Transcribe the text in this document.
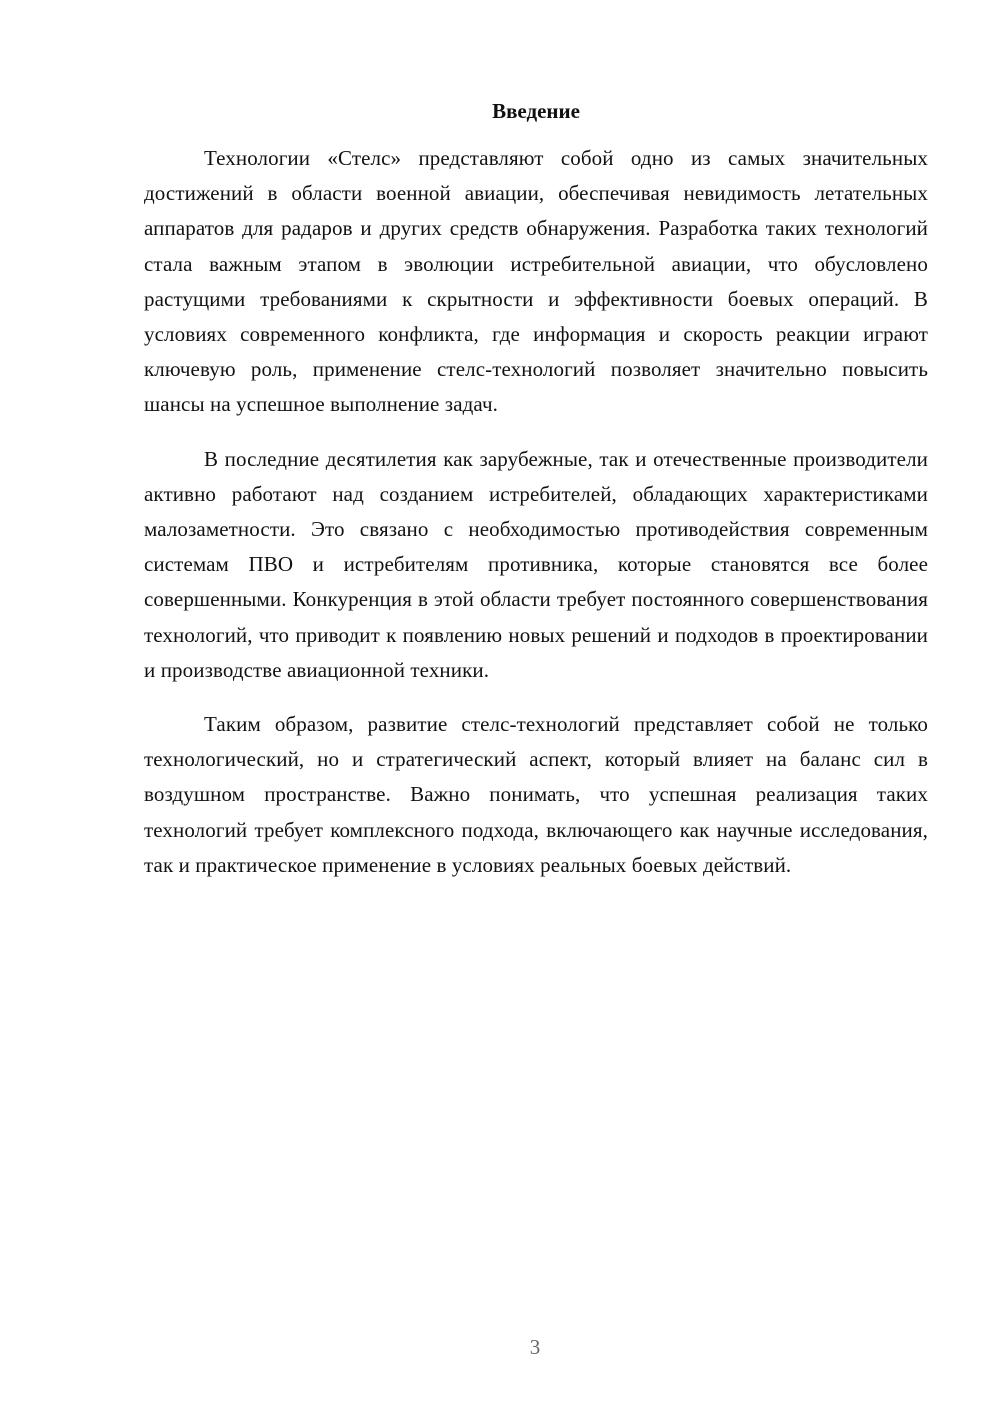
Введение

Технологии «Стелс» представляют собой одно из самых значительных достижений в области военной авиации, обеспечивая невидимость летательных аппаратов для радаров и других средств обнаружения. Разработка таких технологий стала важным этапом в эволюции истребительной авиации, что обусловлено растущими требованиями к скрытности и эффективности боевых операций. В условиях современного конфликта, где информация и скорость реакции играют ключевую роль, применение стелс-технологий позволяет значительно повысить шансы на успешное выполнение задач.

В последние десятилетия как зарубежные, так и отечественные производители активно работают над созданием истребителей, обладающих характеристиками малозаметности. Это связано с необходимостью противодействия современным системам ПВО и истребителям противника, которые становятся все более совершенными. Конкуренция в этой области требует постоянного совершенствования технологий, что приводит к появлению новых решений и подходов в проектировании и производстве авиационной техники.

Таким образом, развитие стелс-технологий представляет собой не только технологический, но и стратегический аспект, который влияет на баланс сил в воздушном пространстве. Важно понимать, что успешная реализация таких технологий требует комплексного подхода, включающего как научные исследования, так и практическое применение в условиях реальных боевых действий.

3
